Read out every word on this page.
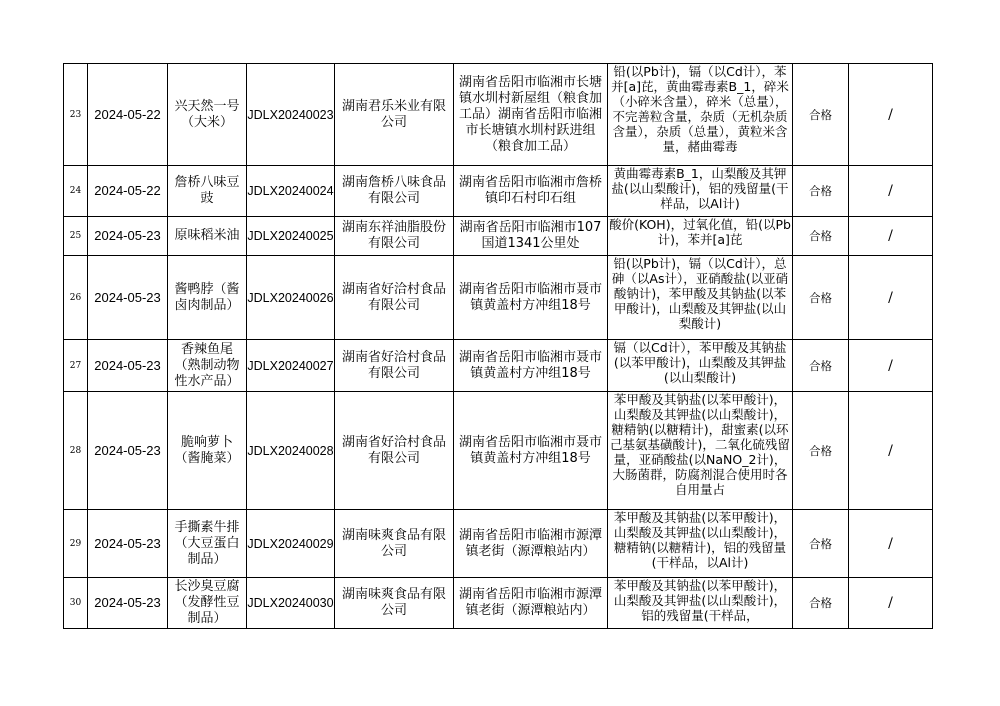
23	2024-05-22	兴天然一号（大米）	JDLX20240023	湖南君乐米业有限公司	湖南省岳阳市临湘市长塘镇水圳村新屋组（粮食加工品）湖南省岳阳市临湘市长塘镇水圳村跃进组（粮食加工品）	铅(以Pb计)，镉（以Cd计），苯并[a]芘，黄曲霉毒素B_1，碎米（小碎米含量），碎米（总量），不完善粒含量，杂质（无机杂质含量），杂质（总量），黄粒米含量，赭曲霉毒	合格	/
24	2024-05-22	詹桥八味豆豉	JDLX20240024	湖南詹桥八味食品有限公司	湖南省岳阳市临湘市詹桥镇印石村印石组	黄曲霉毒素B_1，山梨酸及其钾盐(以山梨酸计)，铝的残留量(干样品，以Al计)	合格	/
25	2024-05-23	原味稻米油	JDLX20240025	湖南东祥油脂股份有限公司	湖南省岳阳市临湘市107国道1341公里处	酸价(KOH)，过氧化值，铅(以Pb计)，苯并[a]芘	合格	/
26	2024-05-23	酱鸭脖（酱卤肉制品）	JDLX20240026	湖南省好洽村食品有限公司	湖南省岳阳市临湘市聂市镇黄盖村方冲组18号	铅(以Pb计)，镉（以Cd计），总砷（以As计），亚硝酸盐(以亚硝酸钠计)，苯甲酸及其钠盐(以苯甲酸计)，山梨酸及其钾盐(以山梨酸计)	合格	/
27	2024-05-23	香辣鱼尾（熟制动物性水产品）	JDLX20240027	湖南省好洽村食品有限公司	湖南省岳阳市临湘市聂市镇黄盖村方冲组18号	镉（以Cd计），苯甲酸及其钠盐(以苯甲酸计)，山梨酸及其钾盐(以山梨酸计)	合格	/
28	2024-05-23	脆响萝卜（酱腌菜）	JDLX20240028	湖南省好洽村食品有限公司	湖南省岳阳市临湘市聂市镇黄盖村方冲组18号	苯甲酸及其钠盐(以苯甲酸计)，山梨酸及其钾盐(以山梨酸计)，糖精钠(以糖精计)，甜蜜素(以环己基氨基磺酸计)，二氧化硫残留量，亚硝酸盐(以NaNO_2计)，大肠菌群，防腐剂混合使用时各自用量占	合格	/
29	2024-05-23	手撕素牛排（大豆蛋白制品）	JDLX20240029	湖南味爽食品有限公司	湖南省岳阳市临湘市源潭镇老街（源潭粮站内）	苯甲酸及其钠盐(以苯甲酸计)，山梨酸及其钾盐(以山梨酸计)，糖精钠(以糖精计)，铝的残留量(干样品，以Al计)	合格	/
30	2024-05-23	长沙臭豆腐（发酵性豆制品）	JDLX20240030	湖南味爽食品有限公司	湖南省岳阳市临湘市源潭镇老街（源潭粮站内）	苯甲酸及其钠盐(以苯甲酸计)，山梨酸及其钾盐(以山梨酸计)，铝的残留量(干样品，	合格	/
